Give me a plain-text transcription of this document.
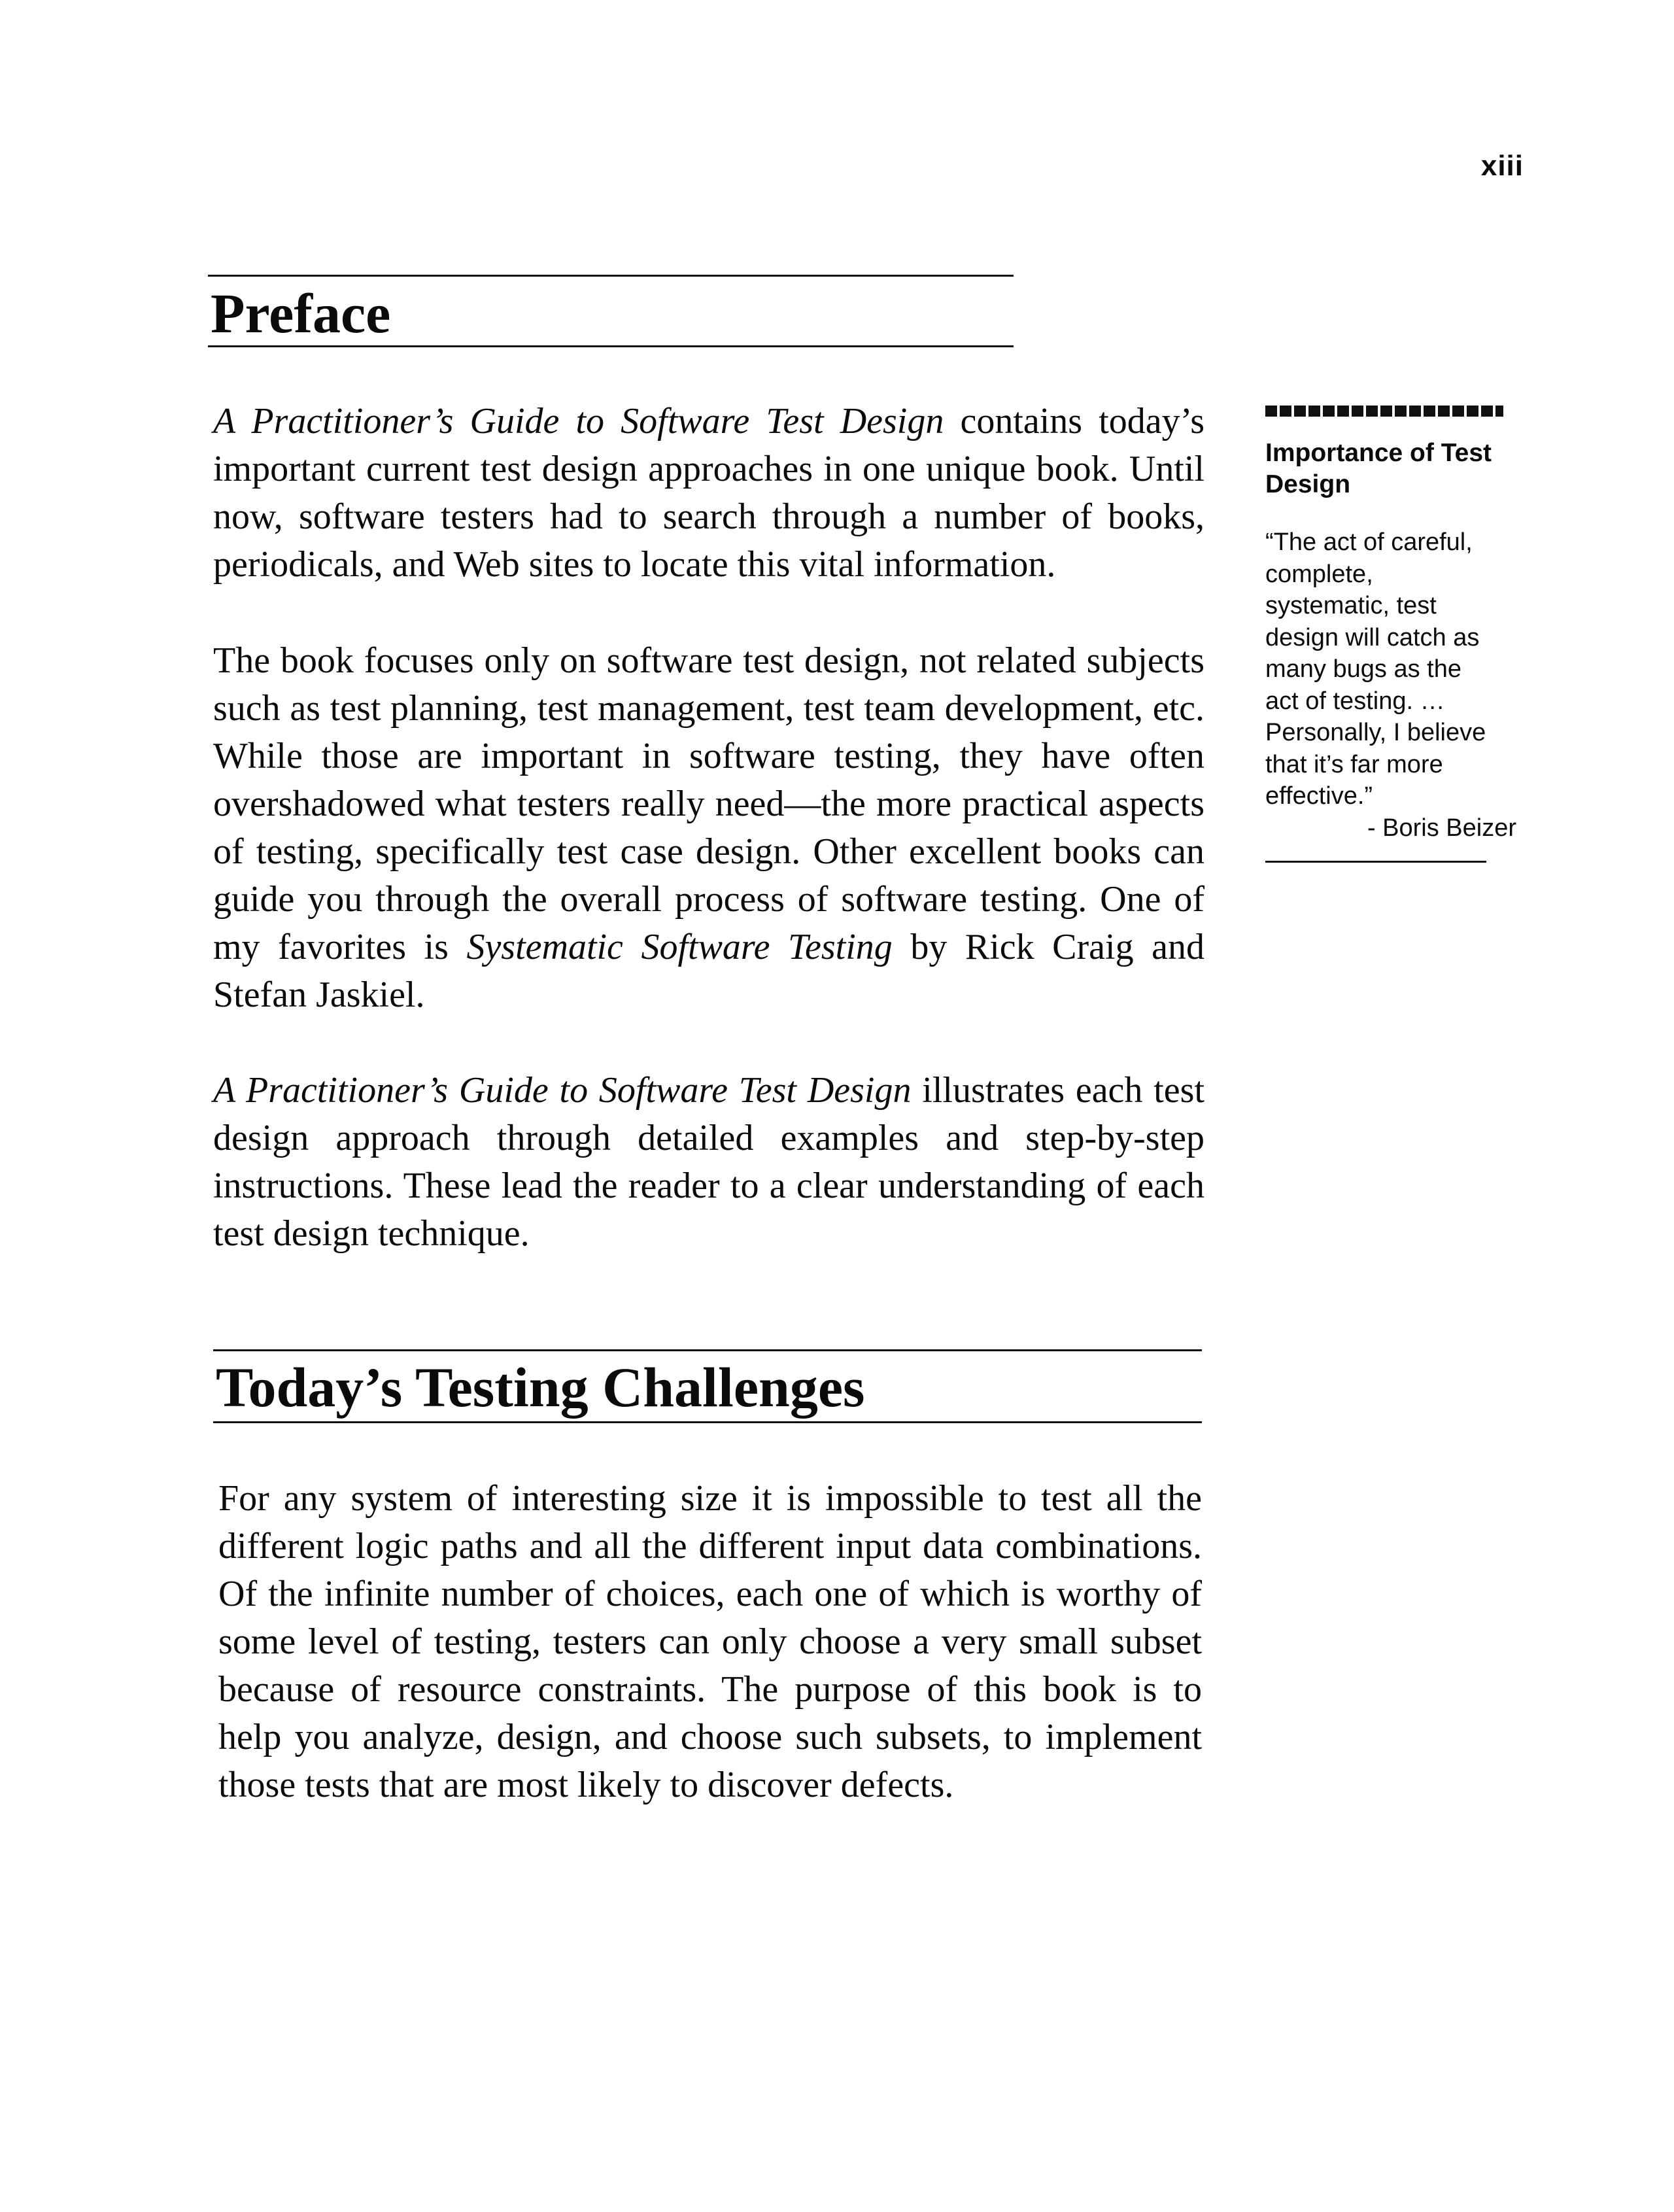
xiii
Preface

A Practitioner’s Guide to Software Test Design contains today’s important current test design approaches in one unique book. Until now, software testers had to search through a number of books, periodicals, and Web sites to locate this vital information.

The book focuses only on software test design, not related subjects such as test planning, test management, test team development, etc. While those are important in software testing, they have often overshadowed what testers really need—the more practical aspects of testing, specifically test case design. Other excellent books can guide you through the overall process of software testing. One of my favorites is Systematic Software Testing by Rick Craig and Stefan Jaskiel.

A Practitioner’s Guide to Software Test Design illustrates each test design approach through detailed examples and step-by-step instructions. These lead the reader to a clear understanding of each test design technique.

Today’s Testing Challenges

For any system of interesting size it is impossible to test all the different logic paths and all the different input data combinations. Of the infinite number of choices, each one of which is worthy of some level of testing, testers can only choose a very small subset because of resource constraints. The purpose of this book is to help you analyze, design, and choose such subsets, to implement those tests that are most likely to discover defects.

Importance of Test
Design
“The act of careful,
complete,
systematic, test
design will catch as
many bugs as the
act of testing. …
Personally, I believe
that it’s far more
effective.”
- Boris Beizer
